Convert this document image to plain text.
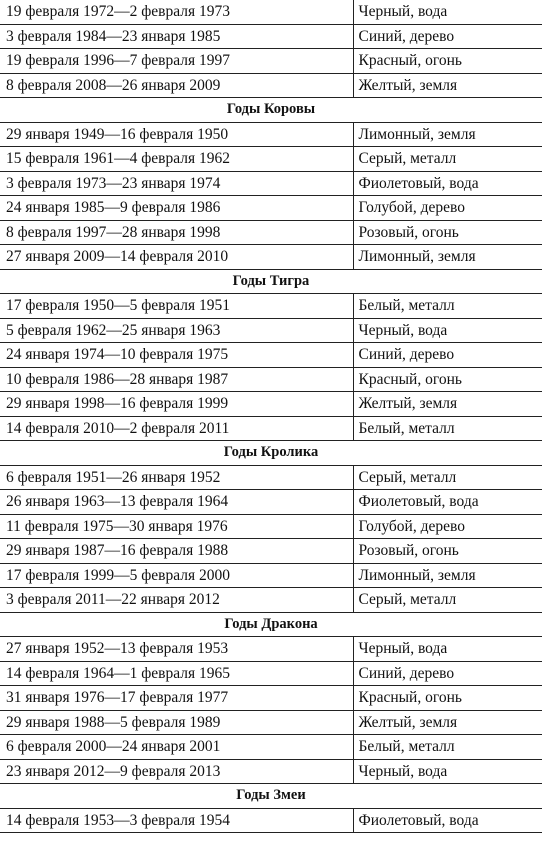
19 февраля 1972—2 февраля 1973	Черный, вода
3 февраля 1984—23 января 1985	Синий, дерево
19 февраля 1996—7 февраля 1997	Красный, огонь
8 февраля 2008—26 января 2009	Желтый, земля
Годы Коровы	
29 января 1949—16 февраля 1950	Лимонный, земля
15 февраля 1961—4 февраля 1962	Серый, металл
3 февраля 1973—23 января 1974	Фиолетовый, вода
24 января 1985—9 февраля 1986	Голубой, дерево
8 февраля 1997—28 января 1998	Розовый, огонь
27 января 2009—14 февраля 2010	Лимонный, земля
Годы Тигра	
17 февраля 1950—5 февраля 1951	Белый, металл
5 февраля 1962—25 января 1963	Черный, вода
24 января 1974—10 февраля 1975	Синий, дерево
10 февраля 1986—28 января 1987	Красный, огонь
29 января 1998—16 февраля 1999	Желтый, земля
14 февраля 2010—2 февраля 2011	Белый, металл
Годы Кролика	
6 февраля 1951—26 января 1952	Серый, металл
26 января 1963—13 февраля 1964	Фиолетовый, вода
11 февраля 1975—30 января 1976	Голубой, дерево
29 января 1987—16 февраля 1988	Розовый, огонь
17 февраля 1999—5 февраля 2000	Лимонный, земля
3 февраля 2011—22 января 2012	Серый, металл
Годы Дракона	
27 января 1952—13 февраля 1953	Черный, вода
14 февраля 1964—1 февраля 1965	Синий, дерево
31 января 1976—17 февраля 1977	Красный, огонь
29 января 1988—5 февраля 1989	Желтый, земля
6 февраля 2000—24 января 2001	Белый, металл
23 января 2012—9 февраля 2013	Черный, вода
Годы Змеи	
14 февраля 1953—3 февраля 1954	Фиолетовый, вода
